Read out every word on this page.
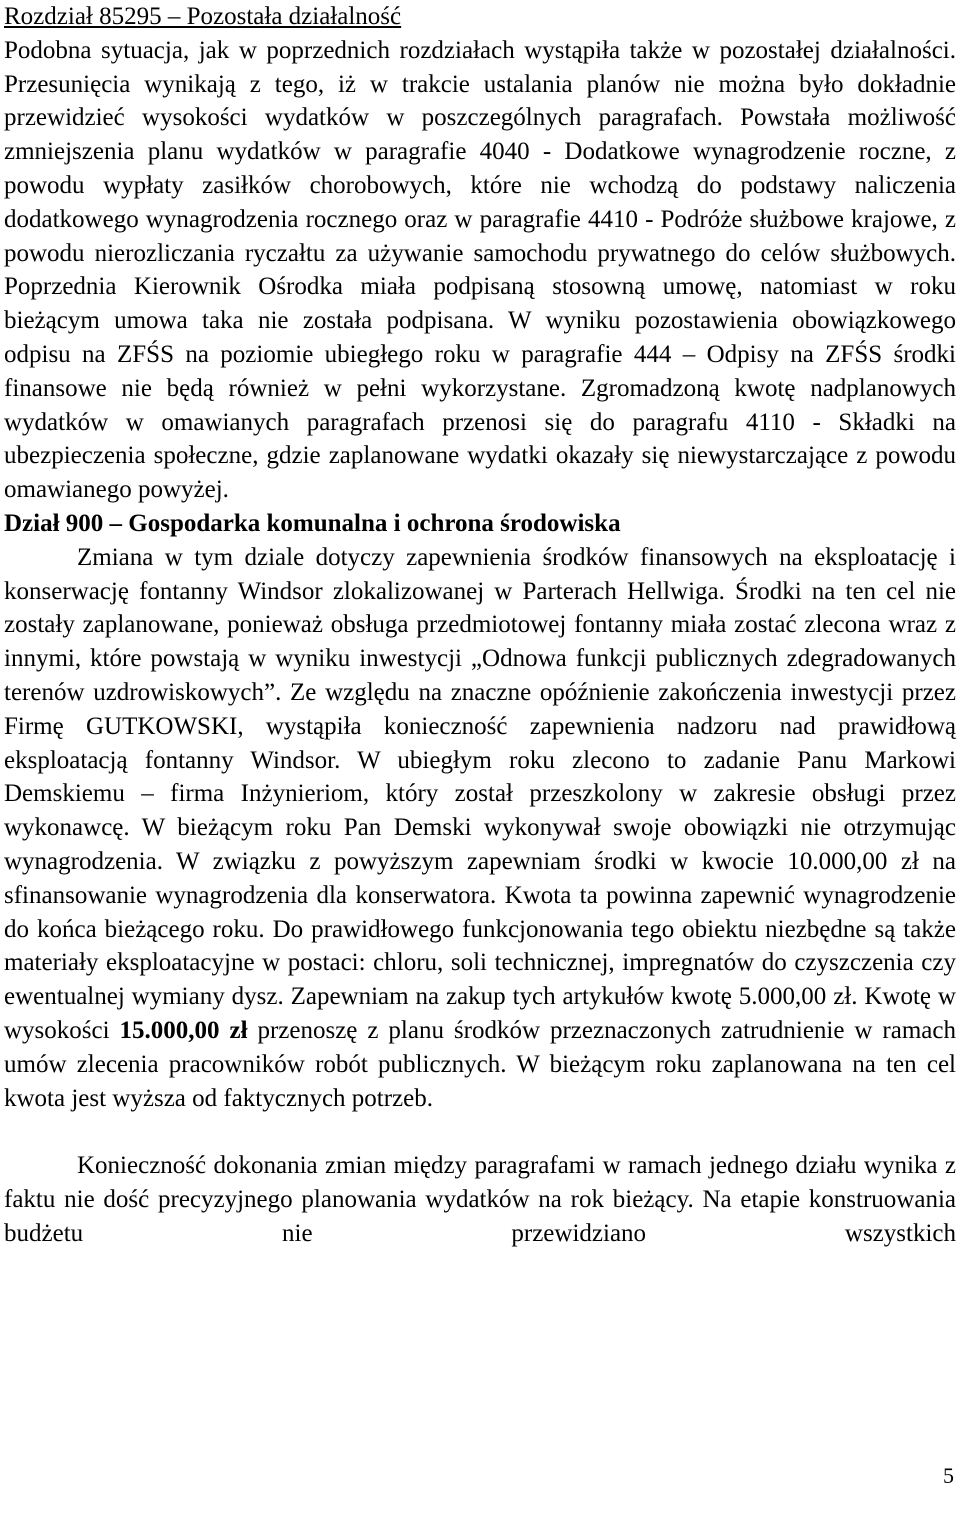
Rozdział 85295 – Pozostała działalność

Podobna sytuacja, jak w poprzednich rozdziałach wystąpiła także w pozostałej działalności. Przesunięcia wynikają z tego, iż w trakcie ustalania planów nie można było dokładnie przewidzieć wysokości wydatków w poszczególnych paragrafach. Powstała możliwość zmniejszenia planu wydatków w paragrafie 4040 - Dodatkowe wynagrodzenie roczne, z powodu wypłaty zasiłków chorobowych, które nie wchodzą do podstawy naliczenia dodatkowego wynagrodzenia rocznego oraz w paragrafie 4410 - Podróże służbowe krajowe, z powodu nierozliczania ryczałtu za używanie samochodu prywatnego do celów służbowych. Poprzednia Kierownik Ośrodka miała podpisaną stosowną umowę, natomiast w roku bieżącym umowa taka nie została podpisana. W wyniku pozostawienia obowiązkowego odpisu na ZFŚS na poziomie ubiegłego roku w paragrafie 444 – Odpisy na ZFŚS środki finansowe nie będą również w pełni wykorzystane. Zgromadzoną kwotę nadplanowych wydatków w omawianych paragrafach przenosi się do paragrafu 4110 - Składki na ubezpieczenia społeczne, gdzie zaplanowane wydatki okazały się niewystarczające z powodu omawianego powyżej.

Dział 900 – Gospodarka komunalna i ochrona środowiska

Zmiana w tym dziale dotyczy zapewnienia środków finansowych na eksploatację i konserwację fontanny Windsor zlokalizowanej w Parterach Hellwiga. Środki na ten cel nie zostały zaplanowane, ponieważ obsługa przedmiotowej fontanny miała zostać zlecona wraz z innymi, które powstają w wyniku inwestycji „Odnowa funkcji publicznych zdegradowanych terenów uzdrowiskowych”. Ze względu na znaczne opóźnienie zakończenia inwestycji przez Firmę GUTKOWSKI, wystąpiła konieczność zapewnienia nadzoru nad prawidłową eksploatacją fontanny Windsor. W ubiegłym roku zlecono to zadanie Panu Markowi Demskiemu – firma Inżynieriom, który został przeszkolony w zakresie obsługi przez wykonawcę. W bieżącym roku Pan Demski wykonywał swoje obowiązki nie otrzymując wynagrodzenia. W związku z powyższym zapewniam środki w kwocie 10.000,00 zł na sfinansowanie wynagrodzenia dla konserwatora. Kwota ta powinna zapewnić wynagrodzenie do końca bieżącego roku. Do prawidłowego funkcjonowania tego obiektu niezbędne są także materiały eksploatacyjne w postaci: chloru, soli technicznej, impregnatów do czyszczenia czy ewentualnej wymiany dysz. Zapewniam na zakup tych artykułów kwotę 5.000,00 zł. Kwotę w wysokości 15.000,00 zł przenoszę z planu środków przeznaczonych zatrudnienie w ramach umów zlecenia pracowników robót publicznych. W bieżącym roku zaplanowana na ten cel kwota jest wyższa od faktycznych potrzeb.

Konieczność dokonania zmian między paragrafami w ramach jednego działu wynika z faktu nie dość precyzyjnego planowania wydatków na rok bieżący. Na etapie konstruowania budżetu nie przewidziano wszystkich

5
